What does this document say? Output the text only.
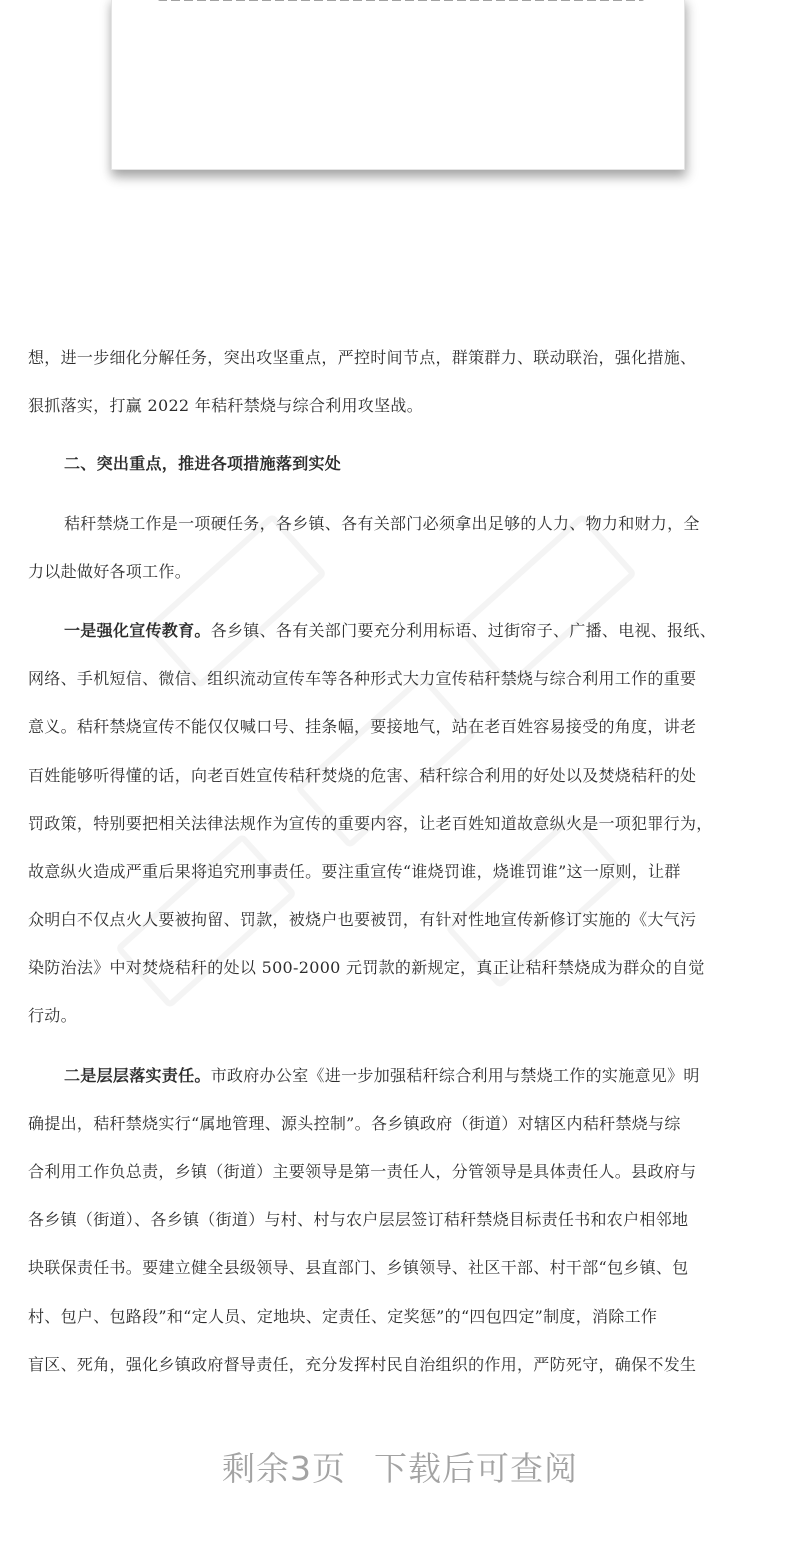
想，进一步细化分解任务，突出攻坚重点，严控时间节点，群策群力、联动联治，强化措施、
狠抓落实，打赢 2022 年秸秆禁烧与综合利用攻坚战。
二、突出重点，推进各项措施落到实处
秸秆禁烧工作是一项硬任务，各乡镇、各有关部门必须拿出足够的人力、物力和财力，全
力以赴做好各项工作。
一是强化宣传教育。各乡镇、各有关部门要充分利用标语、过街帘子、广播、电视、报纸、
网络、手机短信、微信、组织流动宣传车等各种形式大力宣传秸秆禁烧与综合利用工作的重要
意义。秸秆禁烧宣传不能仅仅喊口号、挂条幅，要接地气，站在老百姓容易接受的角度，讲老
百姓能够听得懂的话，向老百姓宣传秸秆焚烧的危害、秸秆综合利用的好处以及焚烧秸秆的处
罚政策，特别要把相关法律法规作为宣传的重要内容，让老百姓知道故意纵火是一项犯罪行为，
故意纵火造成严重后果将追究刑事责任。要注重宣传“谁烧罚谁，烧谁罚谁”这一原则，让群
众明白不仅点火人要被拘留、罚款，被烧户也要被罚，有针对性地宣传新修订实施的《大气污
染防治法》中对焚烧秸秆的处以 500-2000 元罚款的新规定，真正让秸秆禁烧成为群众的自觉
行动。
二是层层落实责任。市政府办公室《进一步加强秸秆综合利用与禁烧工作的实施意见》明
确提出，秸秆禁烧实行“属地管理、源头控制”。各乡镇政府（街道）对辖区内秸秆禁烧与综
合利用工作负总责，乡镇（街道）主要领导是第一责任人，分管领导是具体责任人。县政府与
各乡镇（街道）、各乡镇（街道）与村、村与农户层层签订秸秆禁烧目标责任书和农户相邻地
块联保责任书。要建立健全县级领导、县直部门、乡镇领导、社区干部、村干部“包乡镇、包
村、包户、包路段”和“定人员、定地块、定责任、定奖惩”的“四包四定”制度，消除工作
盲区、死角，强化乡镇政府督导责任，充分发挥村民自治组织的作用，严防死守，确保不发生
剩余3页 下载后可查阅
